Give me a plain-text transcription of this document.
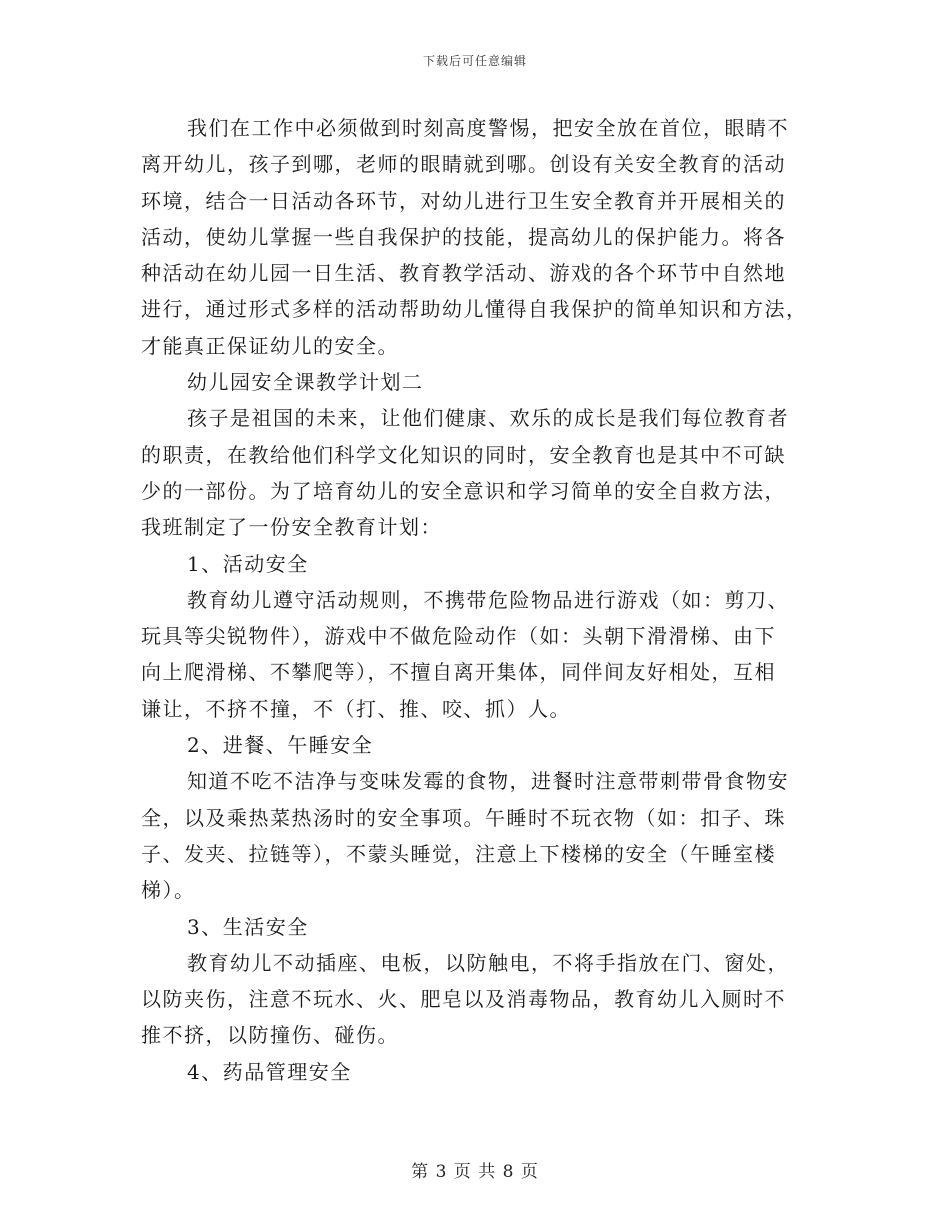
下载后可任意编辑
我们在工作中必须做到时刻高度警惕，把安全放在首位，眼睛不
离开幼儿，孩子到哪，老师的眼睛就到哪。创设有关安全教育的活动
环境，结合一日活动各环节，对幼儿进行卫生安全教育并开展相关的
活动，使幼儿掌握一些自我保护的技能，提高幼儿的保护能力。将各
种活动在幼儿园一日生活、教育教学活动、游戏的各个环节中自然地
进行，通过形式多样的活动帮助幼儿懂得自我保护的简单知识和方法，
才能真正保证幼儿的安全。
幼儿园安全课教学计划二
孩子是祖国的未来，让他们健康、欢乐的成长是我们每位教育者
的职责，在教给他们科学文化知识的同时，安全教育也是其中不可缺
少的一部份。为了培育幼儿的安全意识和学习简单的安全自救方法，
我班制定了一份安全教育计划：
1、活动安全
教育幼儿遵守活动规则，不携带危险物品进行游戏（如：剪刀、
玩具等尖锐物件），游戏中不做危险动作（如：头朝下滑滑梯、由下
向上爬滑梯、不攀爬等），不擅自离开集体，同伴间友好相处，互相
谦让，不挤不撞，不（打、推、咬、抓）人。
2、进餐、午睡安全
知道不吃不洁净与变味发霉的食物，进餐时注意带刺带骨食物安
全，以及乘热菜热汤时的安全事项。午睡时不玩衣物（如：扣子、珠
子、发夹、拉链等），不蒙头睡觉，注意上下楼梯的安全（午睡室楼
梯）。
3、生活安全
教育幼儿不动插座、电板，以防触电，不将手指放在门、窗处，
以防夹伤，注意不玩水、火、肥皂以及消毒物品，教育幼儿入厕时不
推不挤，以防撞伤、碰伤。
4、药品管理安全
第 3 页 共 8 页
